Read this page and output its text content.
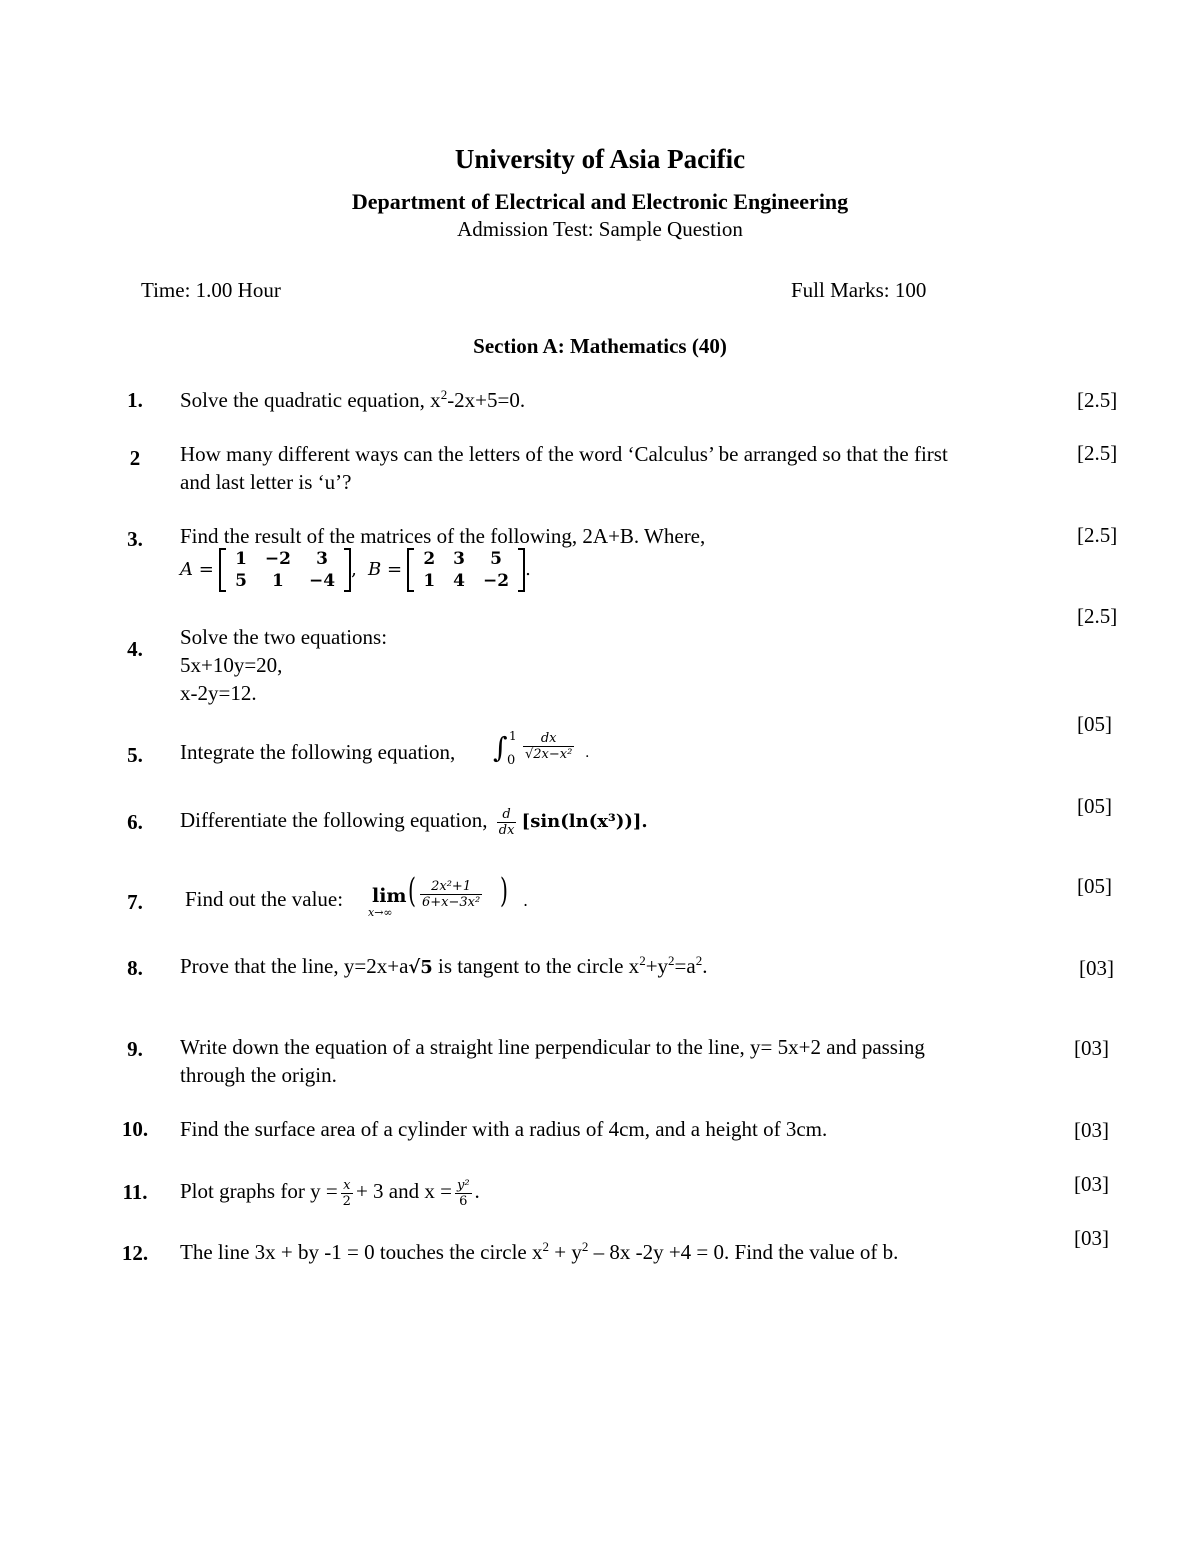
University of Asia Pacific
Department of Electrical and Electronic Engineering
Admission Test: Sample Question
Time: 1.00 Hour	Full Marks: 100
Section A: Mathematics (40)
1.	Solve the quadratic equation, $x^2-2x+5=0$.	[2.5]
2	How many different ways can the letters of the word ‘Calculus’ be arranged so that the first
and last letter is ‘u’?
[2.5]
3.	Find the result of the matrices of the following, 2A+B. Where,
A = 1	−2	3
5	1	−4
, B = 2	3	5
1	4	−2
.
[2.5]
4.	Solve the two equations:
5x+10y=20,
x-2y=12.
[2.5]
5.	Integrate the following equation, ∫ 1
$0 \frac{dx}{\text{√2x−x²}}$ .
[05]
6.	Differentiate the following equation, $\frac{d}{dx} [\sin(\ln(x^3))]$.
[05]
7.	Find out the value: lim
x→∞
( $\frac{\text{2x²+1}}{\text{6+x−3x²}}$ ) .
[05]
8.	Prove that the line, y=2x+a√5 is tangent to the circle $x^2+y^2=a^2$.	[03]
9.	Write down the equation of a straight line perpendicular to the line, y= 5x+2 and passing
through the origin.
[03]
10. Find the surface area of a cylinder with a radius of 4cm, and a height of 3cm.	[03]
11. Plot graphs for $y = \frac{x}{2} + 3$ and $x = \frac{\text{y²}}{6}$ .	[03]
12. The line 3x + by -1 = 0 touches the circle $x^2 + y^2 - 8x$ -2y +4 = 0. Find the value of b.
[03]
